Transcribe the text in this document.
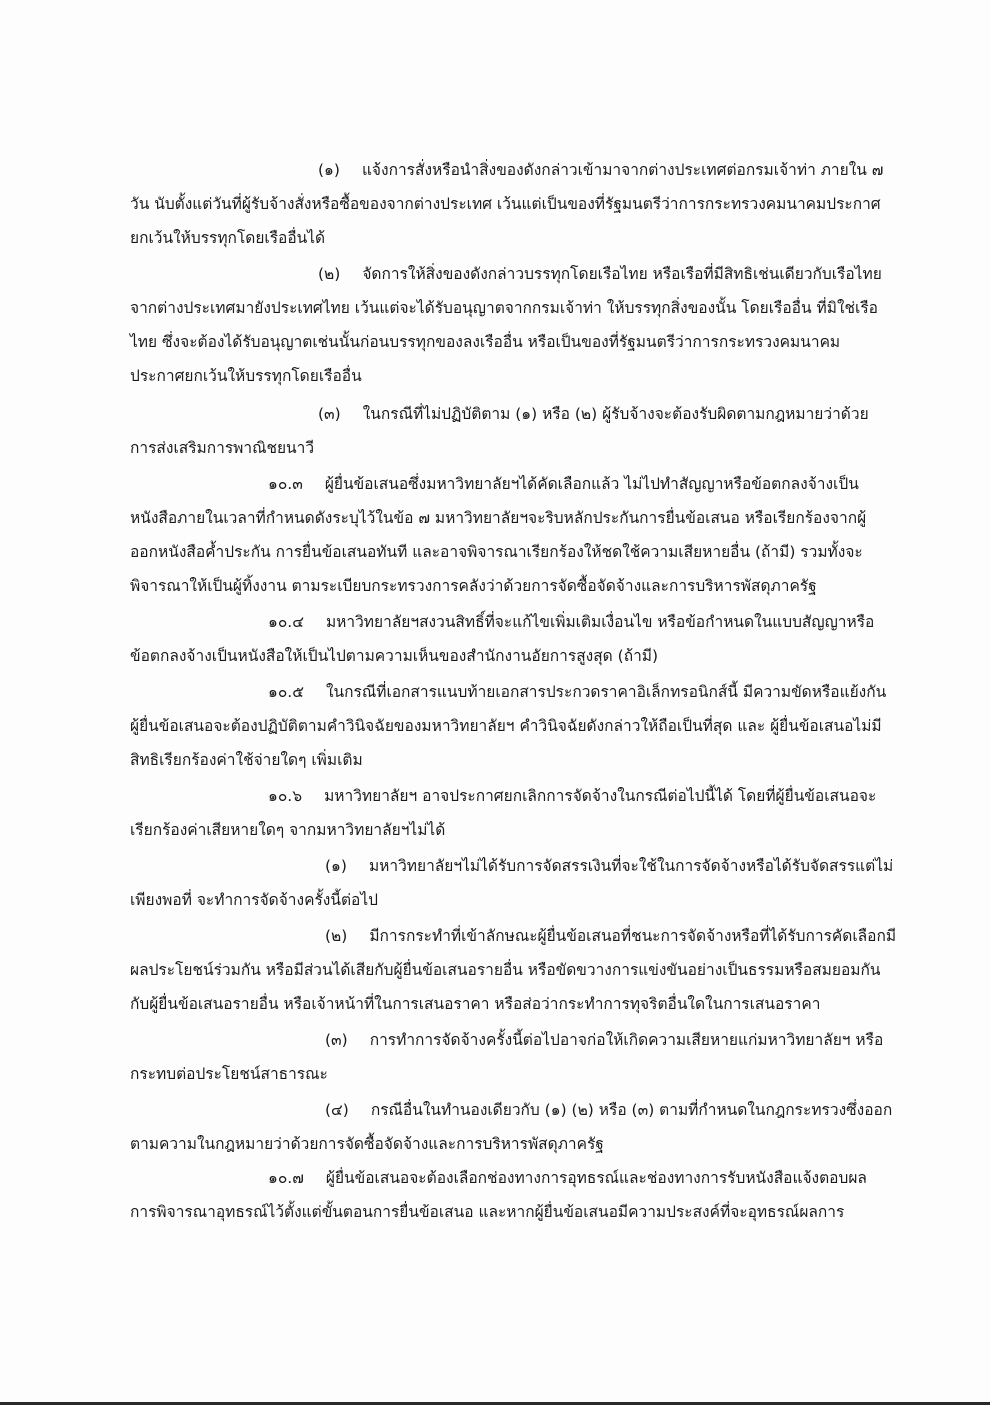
(๑) แจ้งการสั่งหรือนำสิ่งของดังกล่าวเข้ามาจากต่างประเทศต่อกรมเจ้าท่า ภายใน ๗
วัน นับตั้งแต่วันที่ผู้รับจ้างสั่งหรือซื้อของจากต่างประเทศ เว้นแต่เป็นของที่รัฐมนตรีว่าการกระทรวงคมนาคมประกาศ
ยกเว้นให้บรรทุกโดยเรืออื่นได้
(๒) จัดการให้สิ่งของดังกล่าวบรรทุกโดยเรือไทย หรือเรือที่มีสิทธิเช่นเดียวกับเรือไทย
จากต่างประเทศมายังประเทศไทย เว้นแต่จะได้รับอนุญาตจากกรมเจ้าท่า ให้บรรทุกสิ่งของนั้น โดยเรืออื่น ที่มิใช่เรือ
ไทย ซึ่งจะต้องได้รับอนุญาตเช่นนั้นก่อนบรรทุกของลงเรืออื่น หรือเป็นของที่รัฐมนตรีว่าการกระทรวงคมนาคม
ประกาศยกเว้นให้บรรทุกโดยเรืออื่น
(๓) ในกรณีที่ไม่ปฏิบัติตาม (๑) หรือ (๒) ผู้รับจ้างจะต้องรับผิดตามกฎหมายว่าด้วย
การส่งเสริมการพาณิชยนาวี
๑๐.๓ ผู้ยื่นข้อเสนอซึ่งมหาวิทยาลัยฯได้คัดเลือกแล้ว ไม่ไปทำสัญญาหรือข้อตกลงจ้างเป็น
หนังสือภายในเวลาที่กำหนดดังระบุไว้ในข้อ ๗ มหาวิทยาลัยฯจะริบหลักประกันการยื่นข้อเสนอ หรือเรียกร้องจากผู้
ออกหนังสือค้ำประกัน การยื่นข้อเสนอทันที และอาจพิจารณาเรียกร้องให้ชดใช้ความเสียหายอื่น (ถ้ามี) รวมทั้งจะ
พิจารณาให้เป็นผู้ทิ้งงาน ตามระเบียบกระทรวงการคลังว่าด้วยการจัดซื้อจัดจ้างและการบริหารพัสดุภาครัฐ
๑๐.๔ มหาวิทยาลัยฯสงวนสิทธิ์ที่จะแก้ไขเพิ่มเติมเงื่อนไข หรือข้อกำหนดในแบบสัญญาหรือ
ข้อตกลงจ้างเป็นหนังสือให้เป็นไปตามความเห็นของสำนักงานอัยการสูงสุด (ถ้ามี)
๑๐.๕ ในกรณีที่เอกสารแนบท้ายเอกสารประกวดราคาอิเล็กทรอนิกส์นี้ มีความขัดหรือแย้งกัน
ผู้ยื่นข้อเสนอจะต้องปฏิบัติตามคำวินิจฉัยของมหาวิทยาลัยฯ คำวินิจฉัยดังกล่าวให้ถือเป็นที่สุด และ ผู้ยื่นข้อเสนอไม่มี
สิทธิเรียกร้องค่าใช้จ่ายใดๆ เพิ่มเติม
๑๐.๖ มหาวิทยาลัยฯ อาจประกาศยกเลิกการจัดจ้างในกรณีต่อไปนี้ได้ โดยที่ผู้ยื่นข้อเสนอจะ
เรียกร้องค่าเสียหายใดๆ จากมหาวิทยาลัยฯไม่ได้
(๑) มหาวิทยาลัยฯไม่ได้รับการจัดสรรเงินที่จะใช้ในการจัดจ้างหรือได้รับจัดสรรแต่ไม่
เพียงพอที่ จะทำการจัดจ้างครั้งนี้ต่อไป
(๒) มีการกระทำที่เข้าลักษณะผู้ยื่นข้อเสนอที่ชนะการจัดจ้างหรือที่ได้รับการคัดเลือกมี
ผลประโยชน์ร่วมกัน หรือมีส่วนได้เสียกับผู้ยื่นข้อเสนอรายอื่น หรือขัดขวางการแข่งขันอย่างเป็นธรรมหรือสมยอมกัน
กับผู้ยื่นข้อเสนอรายอื่น หรือเจ้าหน้าที่ในการเสนอราคา หรือส่อว่ากระทำการทุจริตอื่นใดในการเสนอราคา
(๓) การทำการจัดจ้างครั้งนี้ต่อไปอาจก่อให้เกิดความเสียหายแก่มหาวิทยาลัยฯ หรือ
กระทบต่อประโยชน์สาธารณะ
(๔) กรณีอื่นในทำนองเดียวกับ (๑) (๒) หรือ (๓) ตามที่กำหนดในกฎกระทรวงซึ่งออก
ตามความในกฎหมายว่าด้วยการจัดซื้อจัดจ้างและการบริหารพัสดุภาครัฐ
๑๐.๗ ผู้ยื่นข้อเสนอจะต้องเลือกช่องทางการอุทธรณ์และช่องทางการรับหนังสือแจ้งตอบผล
การพิจารณาอุทธรณ์ไว้ตั้งแต่ขั้นตอนการยื่นข้อเสนอ และหากผู้ยื่นข้อเสนอมีความประสงค์ที่จะอุทธรณ์ผลการ
